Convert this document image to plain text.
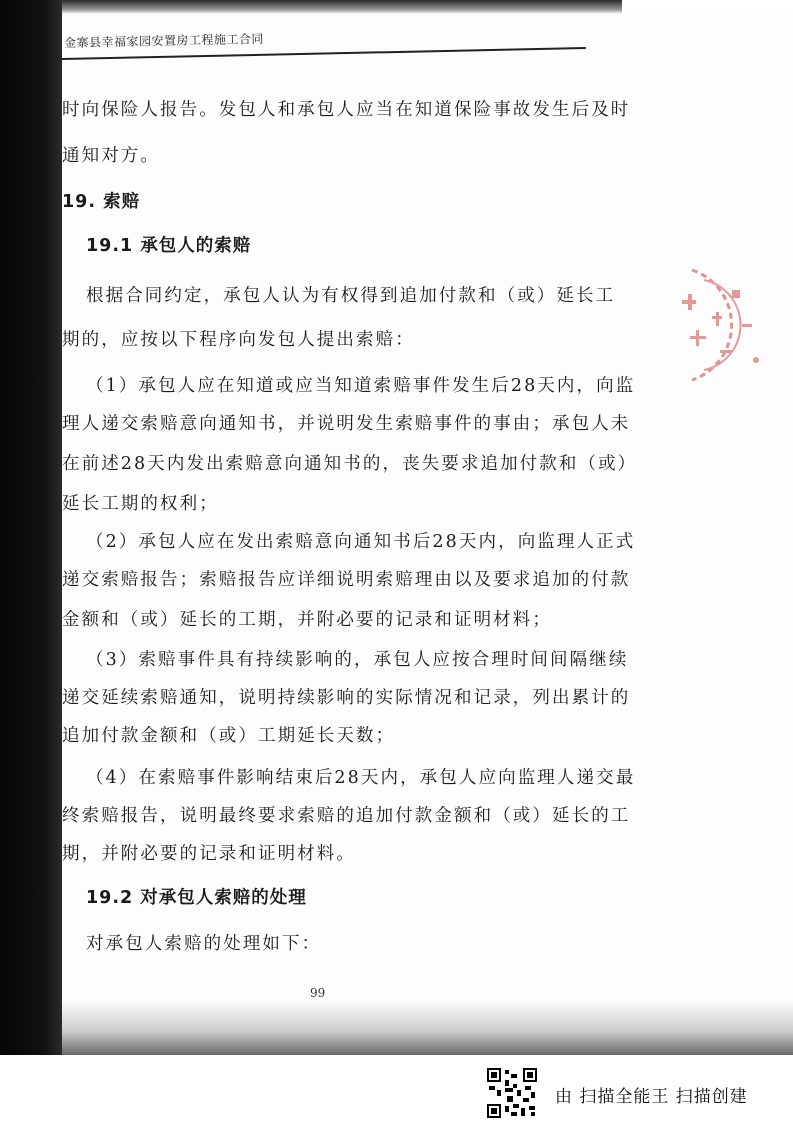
金寨县幸福家园安置房工程施工合同
时向保险人报告。发包人和承包人应当在知道保险事故发生后及时
通知对方。
19. 索赔
19.1 承包人的索赔
根据合同约定，承包人认为有权得到追加付款和（或）延长工
期的，应按以下程序向发包人提出索赔：
（1）承包人应在知道或应当知道索赔事件发生后28天内，向监
理人递交索赔意向通知书，并说明发生索赔事件的事由；承包人未
在前述28天内发出索赔意向通知书的，丧失要求追加付款和（或）
延长工期的权利；
（2）承包人应在发出索赔意向通知书后28天内，向监理人正式
递交索赔报告；索赔报告应详细说明索赔理由以及要求追加的付款
金额和（或）延长的工期，并附必要的记录和证明材料；
（3）索赔事件具有持续影响的，承包人应按合理时间间隔继续
递交延续索赔通知，说明持续影响的实际情况和记录，列出累计的
追加付款金额和（或）工期延长天数；
（4）在索赔事件影响结束后28天内，承包人应向监理人递交最
终索赔报告，说明最终要求索赔的追加付款金额和（或）延长的工
期，并附必要的记录和证明材料。
19.2 对承包人索赔的处理
对承包人索赔的处理如下：
99
由 扫描全能王 扫描创建
